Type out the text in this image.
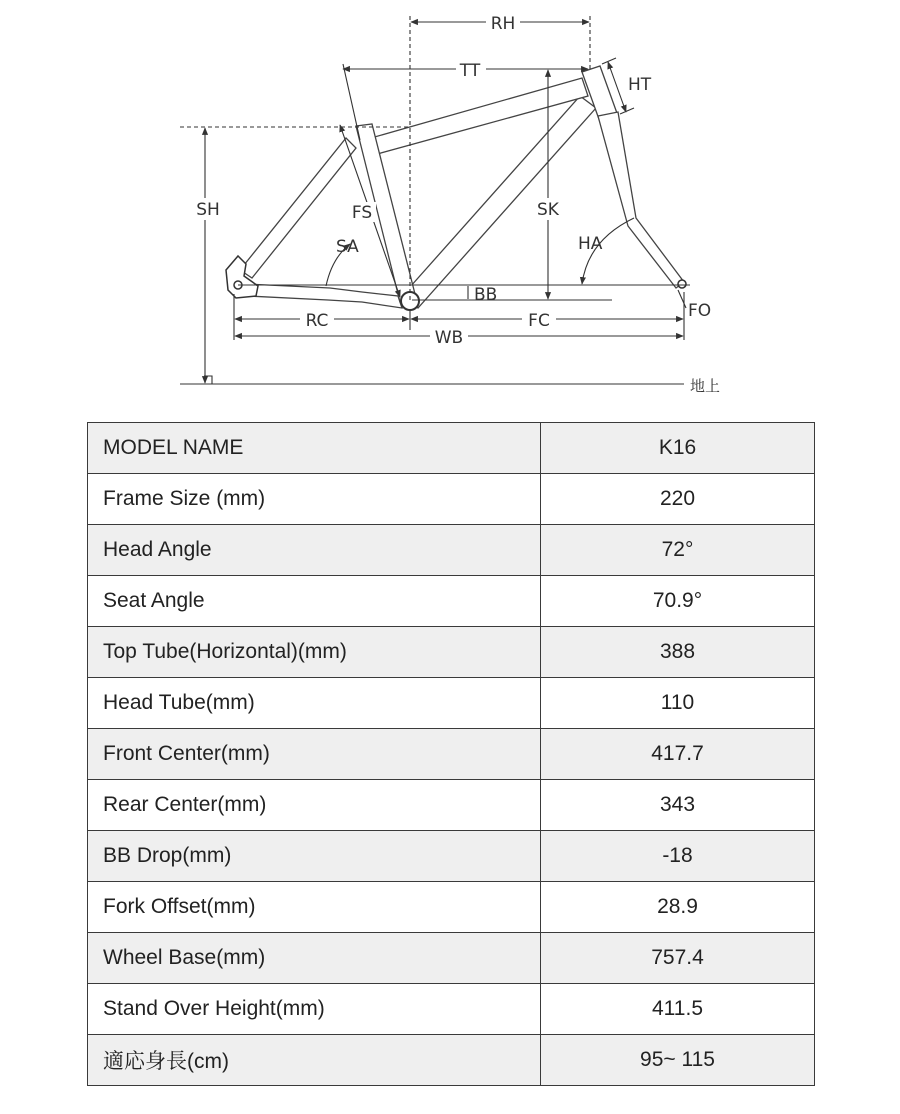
RH
TT
HT
SH	FS	SK
SA	HA
BB
FO
RC	FC
WB
地上
MODEL NAME	K16
Frame Size (mm)	220
Head Angle	72°
Seat Angle	70.9°
Top Tube(Horizontal)(mm)	388
Head Tube(mm)	110
Front Center(mm)	417.7
Rear Center(mm)	343
BB Drop(mm)	-18
Fork Offset(mm)	28.9
Wheel Base(mm)	757.4
Stand Over Height(mm)	411.5
適応身長(cm)	95~ 115
